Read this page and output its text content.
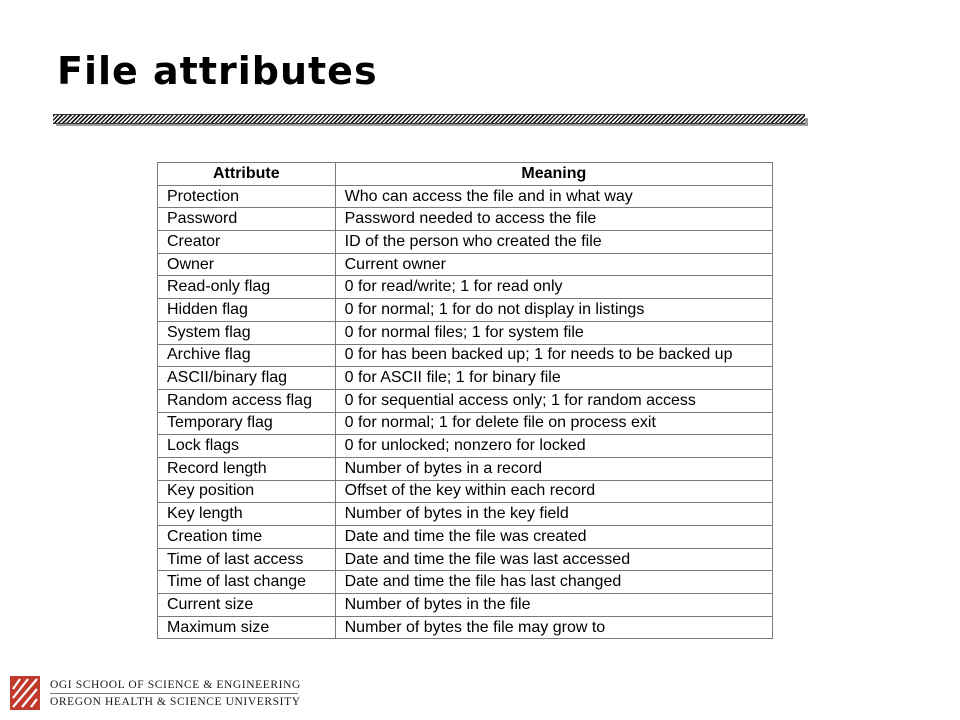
File attributes
Attribute	Meaning
Protection	Who can access the file and in what way
Password	Password needed to access the file
Creator	ID of the person who created the file
Owner	Current owner
Read-only flag	0 for read/write; 1 for read only
Hidden flag	0 for normal; 1 for do not display in listings
System flag	0 for normal files; 1 for system file
Archive flag	0 for has been backed up; 1 for needs to be backed up
ASCII/binary flag	0 for ASCII file; 1 for binary file
Random access flag	0 for sequential access only; 1 for random access
Temporary flag	0 for normal; 1 for delete file on process exit
Lock flags	0 for unlocked; nonzero for locked
Record length	Number of bytes in a record
Key position	Offset of the key within each record
Key length	Number of bytes in the key field
Creation time	Date and time the file was created
Time of last access	Date and time the file was last accessed
Time of last change	Date and time the file has last changed
Current size	Number of bytes in the file
Maximum size	Number of bytes the file may grow to
OGI SCHOOL OF SCIENCE & ENGINEERING
OREGON HEALTH & SCIENCE UNIVERSITY
